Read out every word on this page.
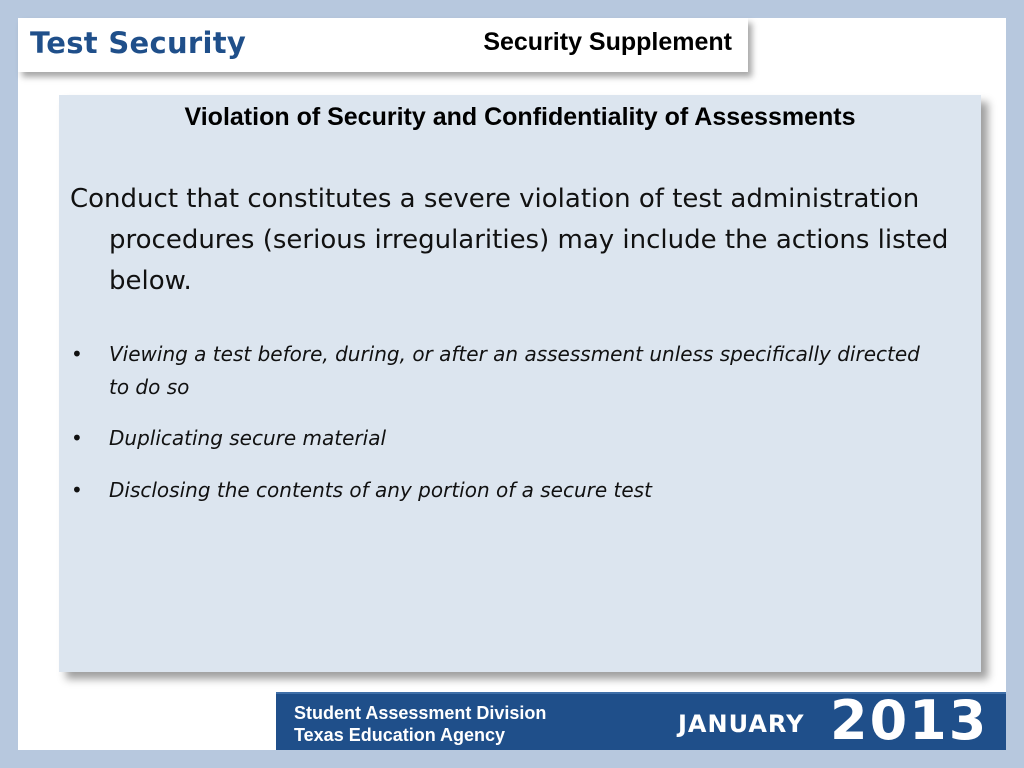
Test Security	Security Supplement
Violation of Security and Confidentiality of Assessments

Conduct that constitutes a severe violation of test administration procedures (serious irregularities) may include the actions listed below.

• Viewing a test before, during, or after an assessment unless specifically directed to do so
• Duplicating secure material
• Disclosing the contents of any portion of a secure test
Student Assessment Division
Texas Education Agency	JANUARY 2013
